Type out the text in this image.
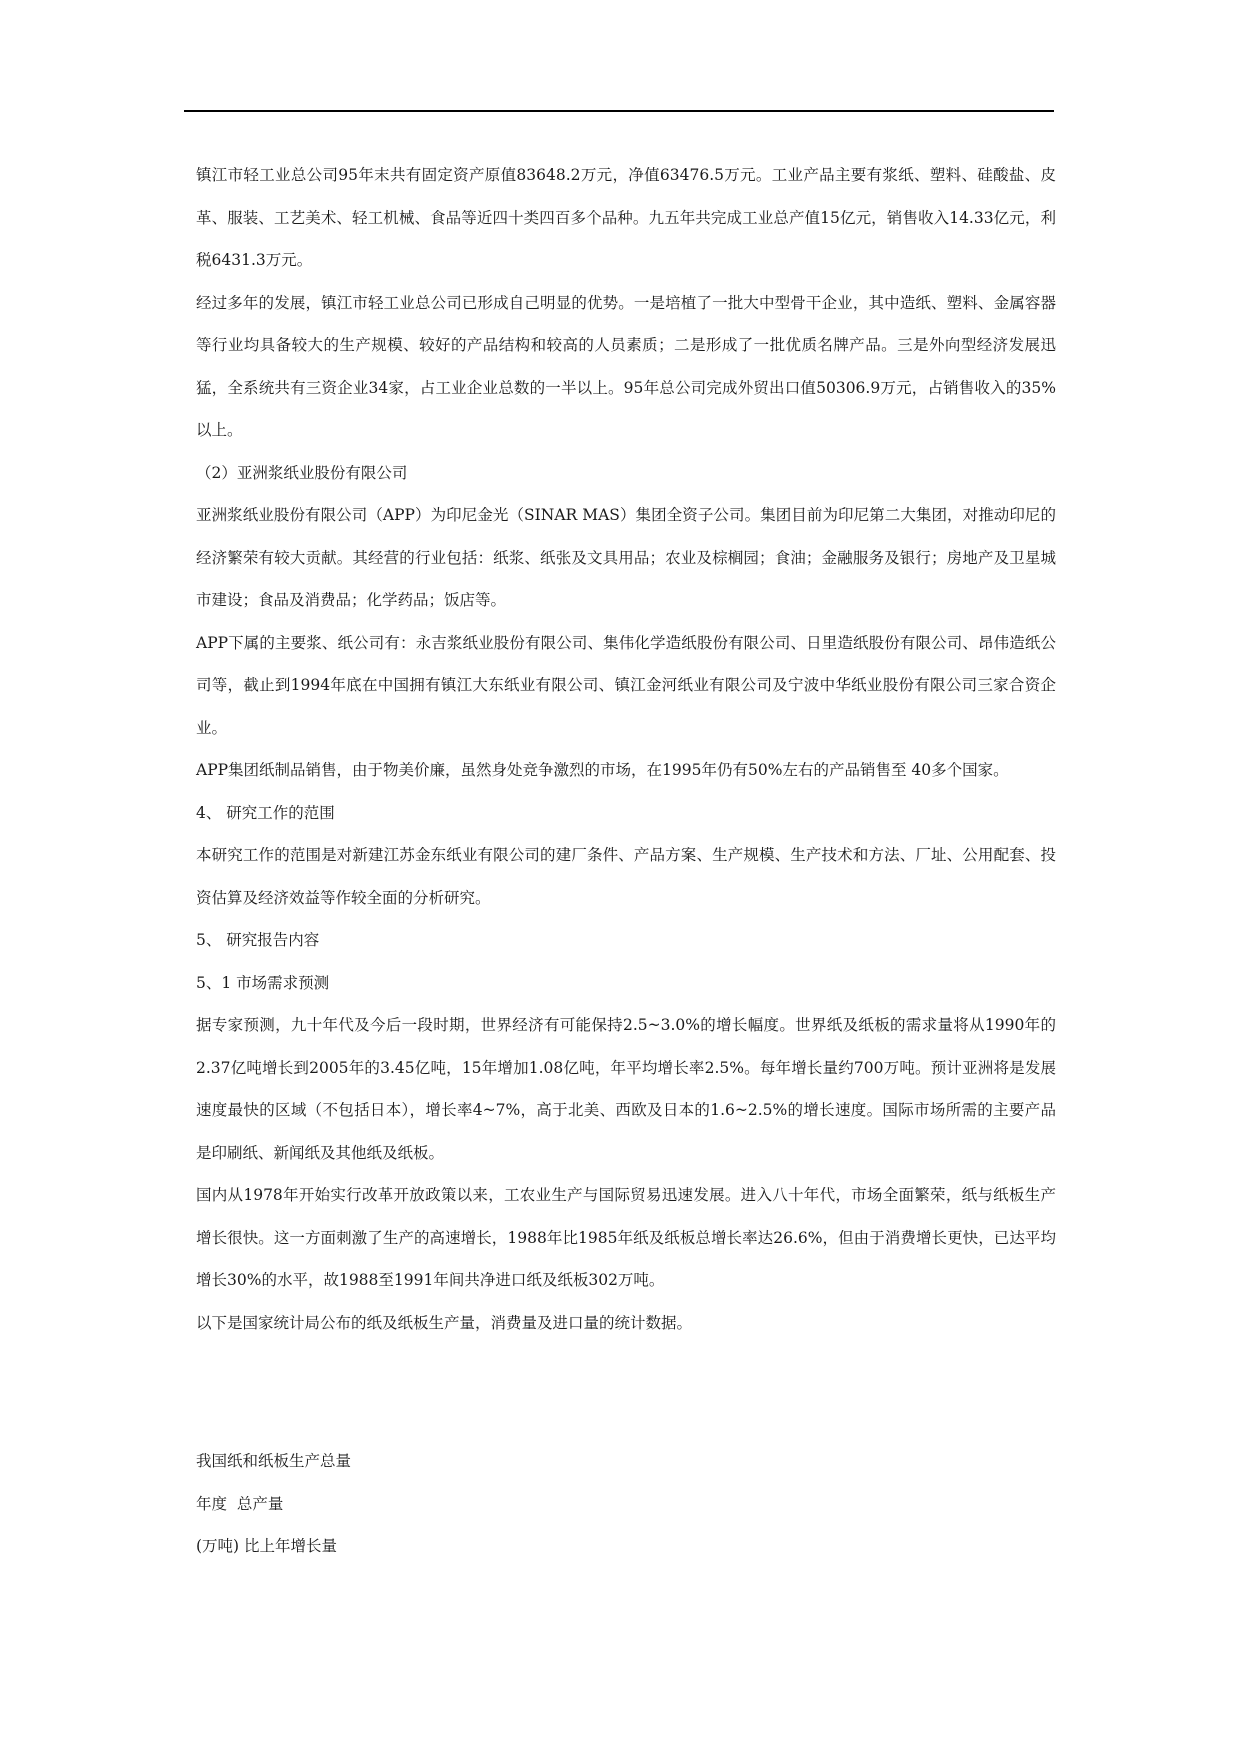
镇江市轻工业总公司95年末共有固定资产原值83648.2万元，净值63476.5万元。工业产品主要有浆纸、塑料、硅酸盐、皮革、服装、工艺美术、轻工机械、食品等近四十类四百多个品种。九五年共完成工业总产值15亿元，销售收入14.33亿元，利税6431.3万元。

经过多年的发展，镇江市轻工业总公司已形成自己明显的优势。一是培植了一批大中型骨干企业，其中造纸、塑料、金属容器等行业均具备较大的生产规模、较好的产品结构和较高的人员素质；二是形成了一批优质名牌产品。三是外向型经济发展迅猛，全系统共有三资企业34家，占工业企业总数的一半以上。95年总公司完成外贸出口值50306.9万元，占销售收入的35%以上。

（2）亚洲浆纸业股份有限公司

亚洲浆纸业股份有限公司（APP）为印尼金光（SINAR MAS）集团全资子公司。集团目前为印尼第二大集团，对推动印尼的经济繁荣有较大贡献。其经营的行业包括：纸浆、纸张及文具用品；农业及棕榈园；食油；金融服务及银行；房地产及卫星城市建设；食品及消费品；化学药品；饭店等。

APP下属的主要浆、纸公司有：永吉浆纸业股份有限公司、集伟化学造纸股份有限公司、日里造纸股份有限公司、昂伟造纸公司等，截止到1994年底在中国拥有镇江大东纸业有限公司、镇江金河纸业有限公司及宁波中华纸业股份有限公司三家合资企业。

APP集团纸制品销售，由于物美价廉，虽然身处竞争激烈的市场，在1995年仍有50%左右的产品销售至 40多个国家。

4、 研究工作的范围

本研究工作的范围是对新建江苏金东纸业有限公司的建厂条件、产品方案、生产规模、生产技术和方法、厂址、公用配套、投资估算及经济效益等作较全面的分析研究。

5、 研究报告内容

5、1 市场需求预测

据专家预测，九十年代及今后一段时期，世界经济有可能保持2.5~3.0%的增长幅度。世界纸及纸板的需求量将从1990年的2.37亿吨增长到2005年的3.45亿吨，15年增加1.08亿吨，年平均增长率2.5%。每年增长量约700万吨。预计亚洲将是发展速度最快的区域（不包括日本），增长率4~7%，高于北美、西欧及日本的1.6~2.5%的增长速度。国际市场所需的主要产品是印刷纸、新闻纸及其他纸及纸板。

国内从1978年开始实行改革开放政策以来，工农业生产与国际贸易迅速发展。进入八十年代，市场全面繁荣，纸与纸板生产增长很快。这一方面刺激了生产的高速增长，1988年比1985年纸及纸板总增长率达26.6%，但由于消费增长更快，已达平均增长30%的水平，故1988至1991年间共净进口纸及纸板302万吨。

以下是国家统计局公布的纸及纸板生产量，消费量及进口量的统计数据。

我国纸和纸板生产总量

年度  总产量

(万吨) 比上年增长量
